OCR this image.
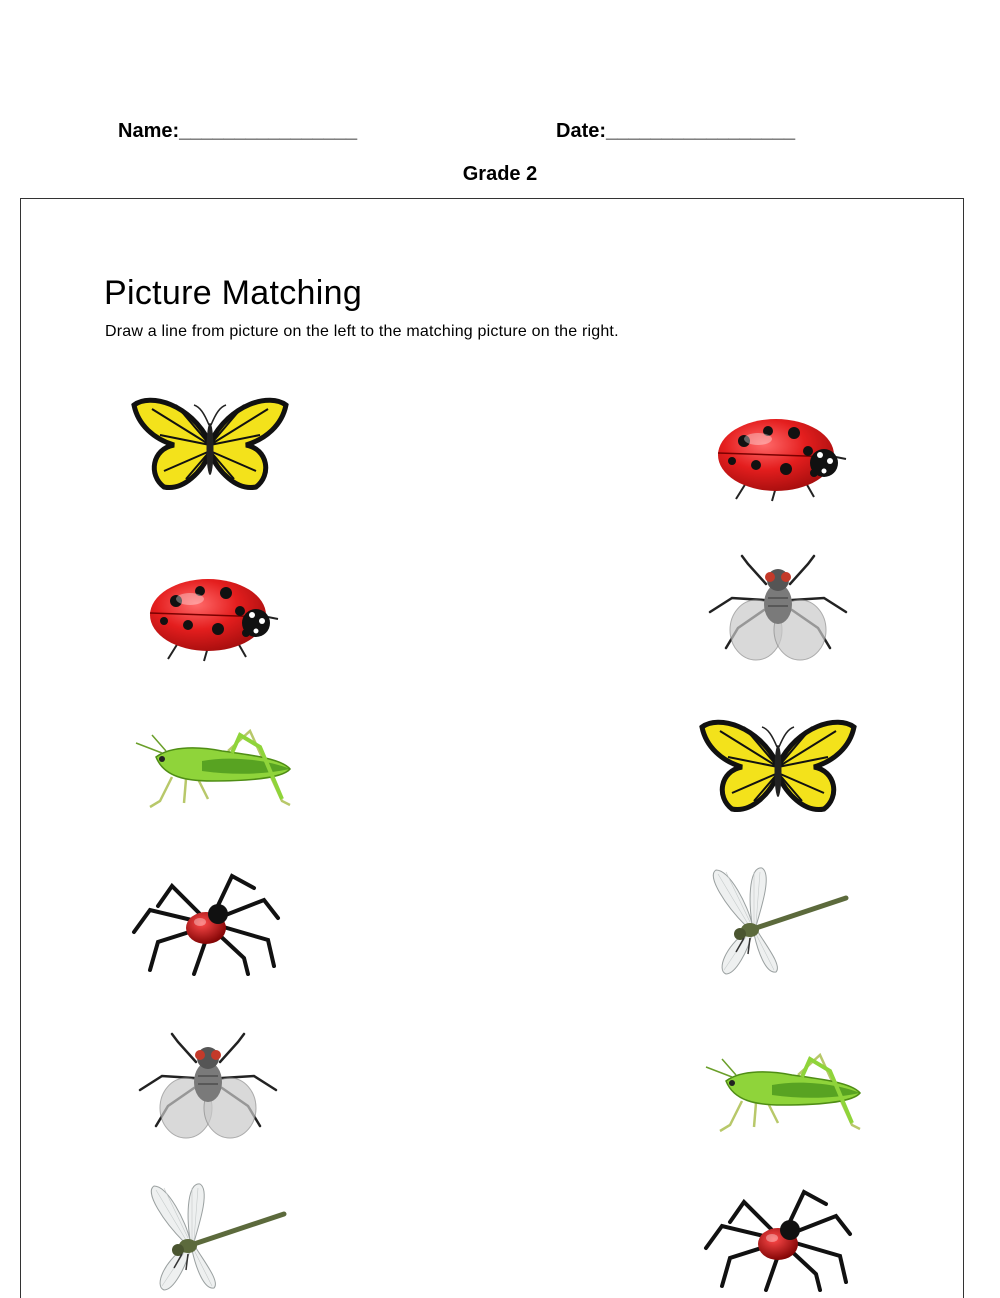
Name:________________	Date:_________________
Grade 2
Picture Matching
Draw a line from picture on the left to the matching picture on the right.
